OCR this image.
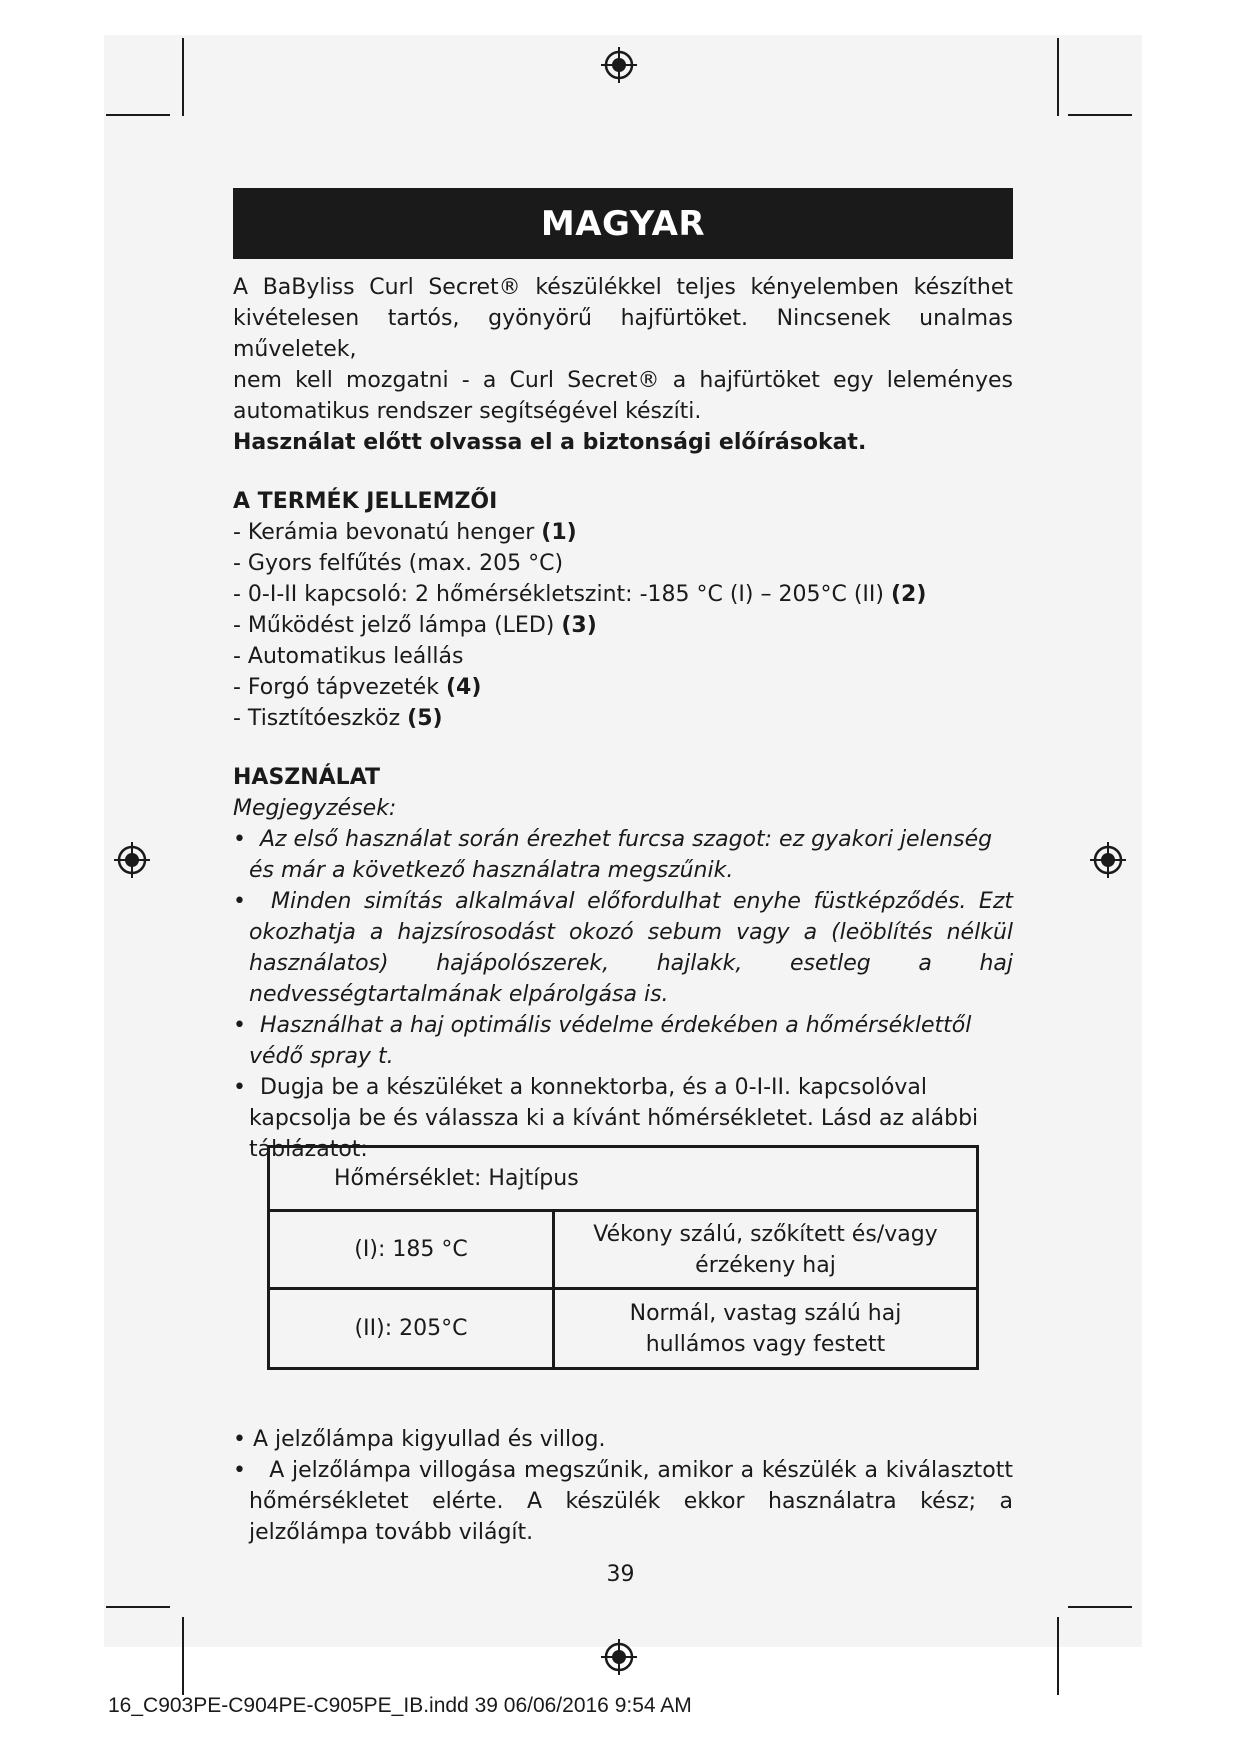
MAGYAR

A BaByliss Curl Secret® készülékkel teljes kényelemben készíthet

kivételesen tartós, gyönyörű hajfürtöket. Nincsenek unalmas műveletek,

nem kell mozgatni - a Curl Secret® a hajfürtöket egy leleményes

automatikus rendszer segítségével készíti.

Használat előtt olvassa el a biztonsági előírásokat.

A TERMÉK JELLEMZŐI

- Kerámia bevonatú henger (1)

- Gyors felfűtés (max. 205 °C)

- 0-I-II kapcsoló: 2 hőmérsékletszint: -185 °C (I) – 205°C (II) (2)

- Működést jelző lámpa (LED) (3)

- Automatikus leállás

- Forgó tápvezeték (4)

- Tisztítóeszköz (5)

HASZNÁLAT

Megjegyzések:

•  Az első használat során érezhet furcsa szagot: ez gyakori jelenség és már a következő használatra megszűnik.

•  Minden simítás alkalmával előfordulhat enyhe füstképződés. Ezt okozhatja a hajzsírosodást okozó sebum vagy a (leöblítés nélkül használatos) hajápolószerek, hajlakk, esetleg a haj nedvességtartalmának elpárolgása is.

•  Használhat a haj optimális védelme érdekében a hőmérséklettől védő spray t.

•  Dugja be a készüléket a konnektorba, és a 0-I-II. kapcsolóval kapcsolja be és válassza ki a kívánt hőmérsékletet. Lásd az alábbi táblázatot:

Hőmérséklet: Hajtípus	
(I): 185 °C	Vékony szálú, szőkített és/vagy
érzékeny haj
(II): 205°C	Normál, vastag szálú haj
hullámos vagy festett

• A jelzőlámpa kigyullad és villog.

•   A jelzőlámpa villogása megszűnik, amikor a készülék a kiválasztott hőmérsékletet elérte. A készülék ekkor használatra kész; a jelzőlámpa tovább világít.

39
16_C903PE-C904PE-C905PE_IB.indd 39 06/06/2016 9:54 AM
